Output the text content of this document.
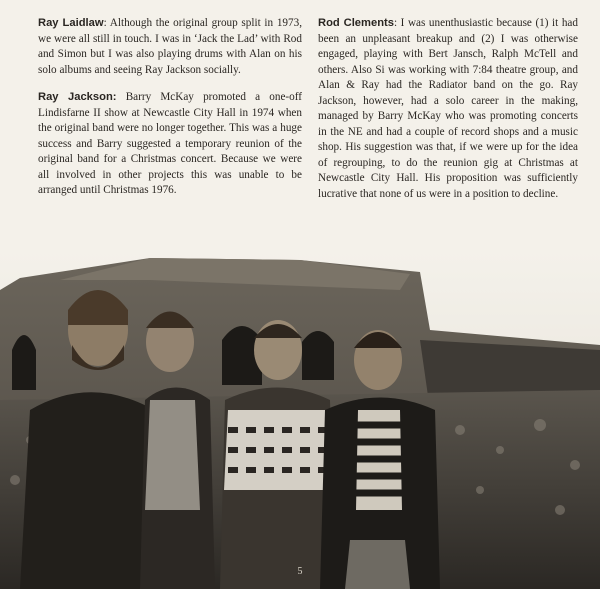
Ray Laidlaw: Although the original group split in 1973, we were all still in touch. I was in ‘Jack the Lad’ with Rod and Simon but I was also playing drums with Alan on his solo albums and seeing Ray Jackson socially.

Ray Jackson: Barry McKay promoted a one-off Lindisfarne II show at Newcastle City Hall in 1974 when the original band were no longer together. This was a huge success and Barry suggested a temporary reunion of the original band for a Christmas concert. Because we were all involved in other projects this was unable to be arranged until Christmas 1976.

Rod Clements: I was unenthusiastic because (1) it had been an unpleasant breakup and (2) I was otherwise engaged, playing with Bert Jansch, Ralph McTell and others. Also Si was working with 7:84 theatre group, and Alan & Ray had the Radiator band on the go. Ray Jackson, however, had a solo career in the making, managed by Barry McKay who was promoting concerts in the NE and had a couple of record shops and a music shop. His suggestion was that, if we were up for the idea of regrouping, to do the reunion gig at Christmas at Newcastle City Hall. His proposition was sufficiently lucrative that none of us were in a position to decline.

5
